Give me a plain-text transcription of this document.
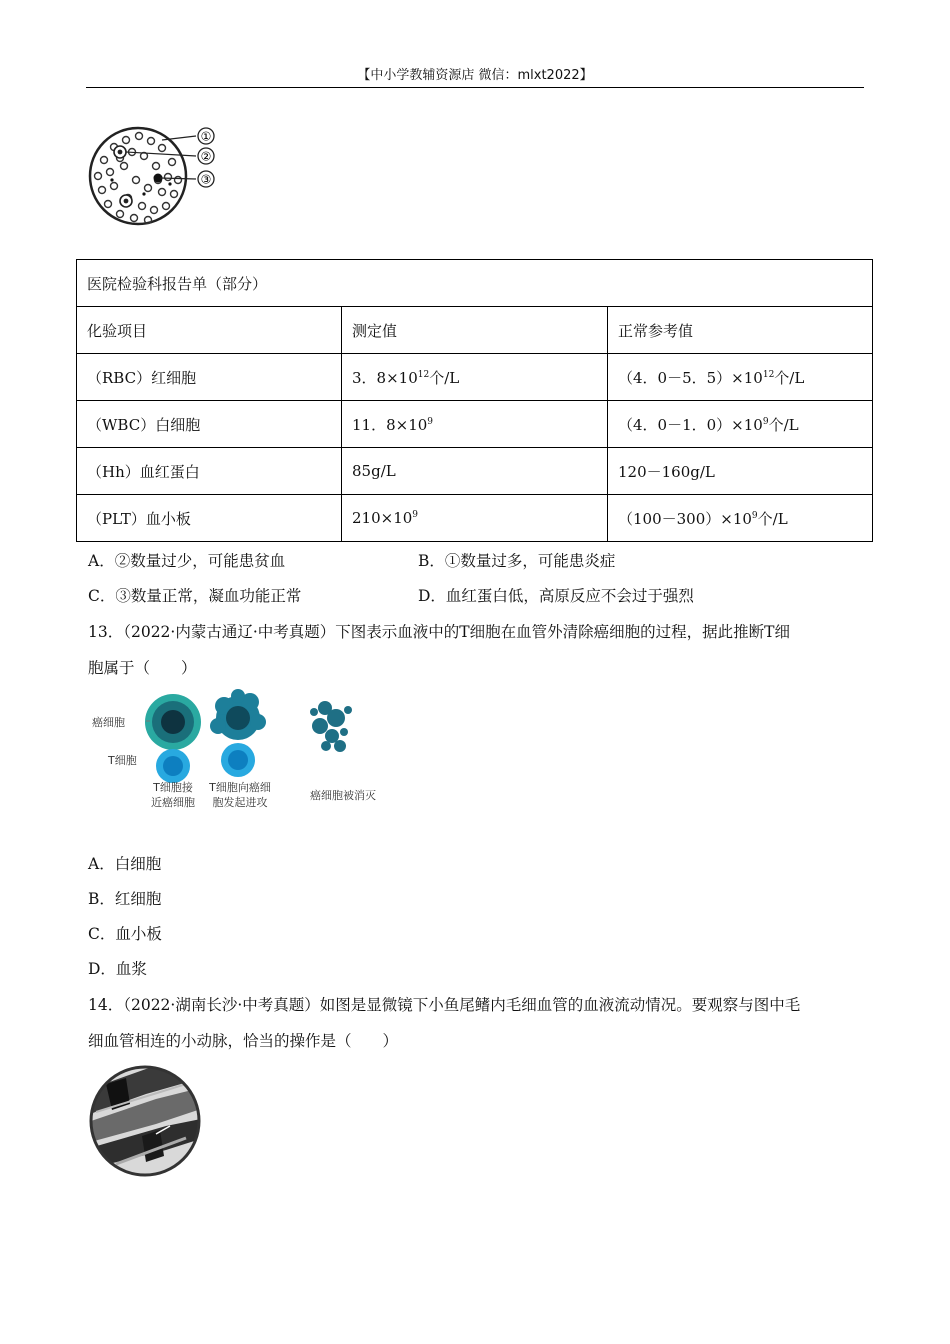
【中小学教辅资源店 微信：mlxt2022】
①
②
③
医院检验科报告单（部分）		
化验项目	测定值	正常参考值
（RBC）红细胞	3．$8\times 10^{12}$个/L	（4．0－5．$5)\times 10^{12}$个/L
（WBC）白细胞	11．$8\times 10^9$	（4．0－1．$0)\times 10^9$个/L
（Hh）血红蛋白	85g/L	120－160g/L
（PLT）血小板	$210\times 10^9$	$(100-300)\times 10^9$个/L
A．②数量过少，可能患贫血	B．①数量过多，可能患炎症
C．③数量正常，凝血功能正常	D．血红蛋白低，高原反应不会过于强烈
13．（2022·内蒙古通辽·中考真题）下图表示血液中的T细胞在血管外清除癌细胞的过程，据此推断T细
胞属于（　　）
癌细胞
T细胞
T细胞接
近癌细胞
T细胞向癌细
胞发起进攻
癌细胞被消灭
A．白细胞
B．红细胞
C．血小板
D．血浆
14．（2022·湖南长沙·中考真题）如图是显微镜下小鱼尾鳍内毛细血管的血液流动情况。要观察与图中毛
细血管相连的小动脉，恰当的操作是（　　）
